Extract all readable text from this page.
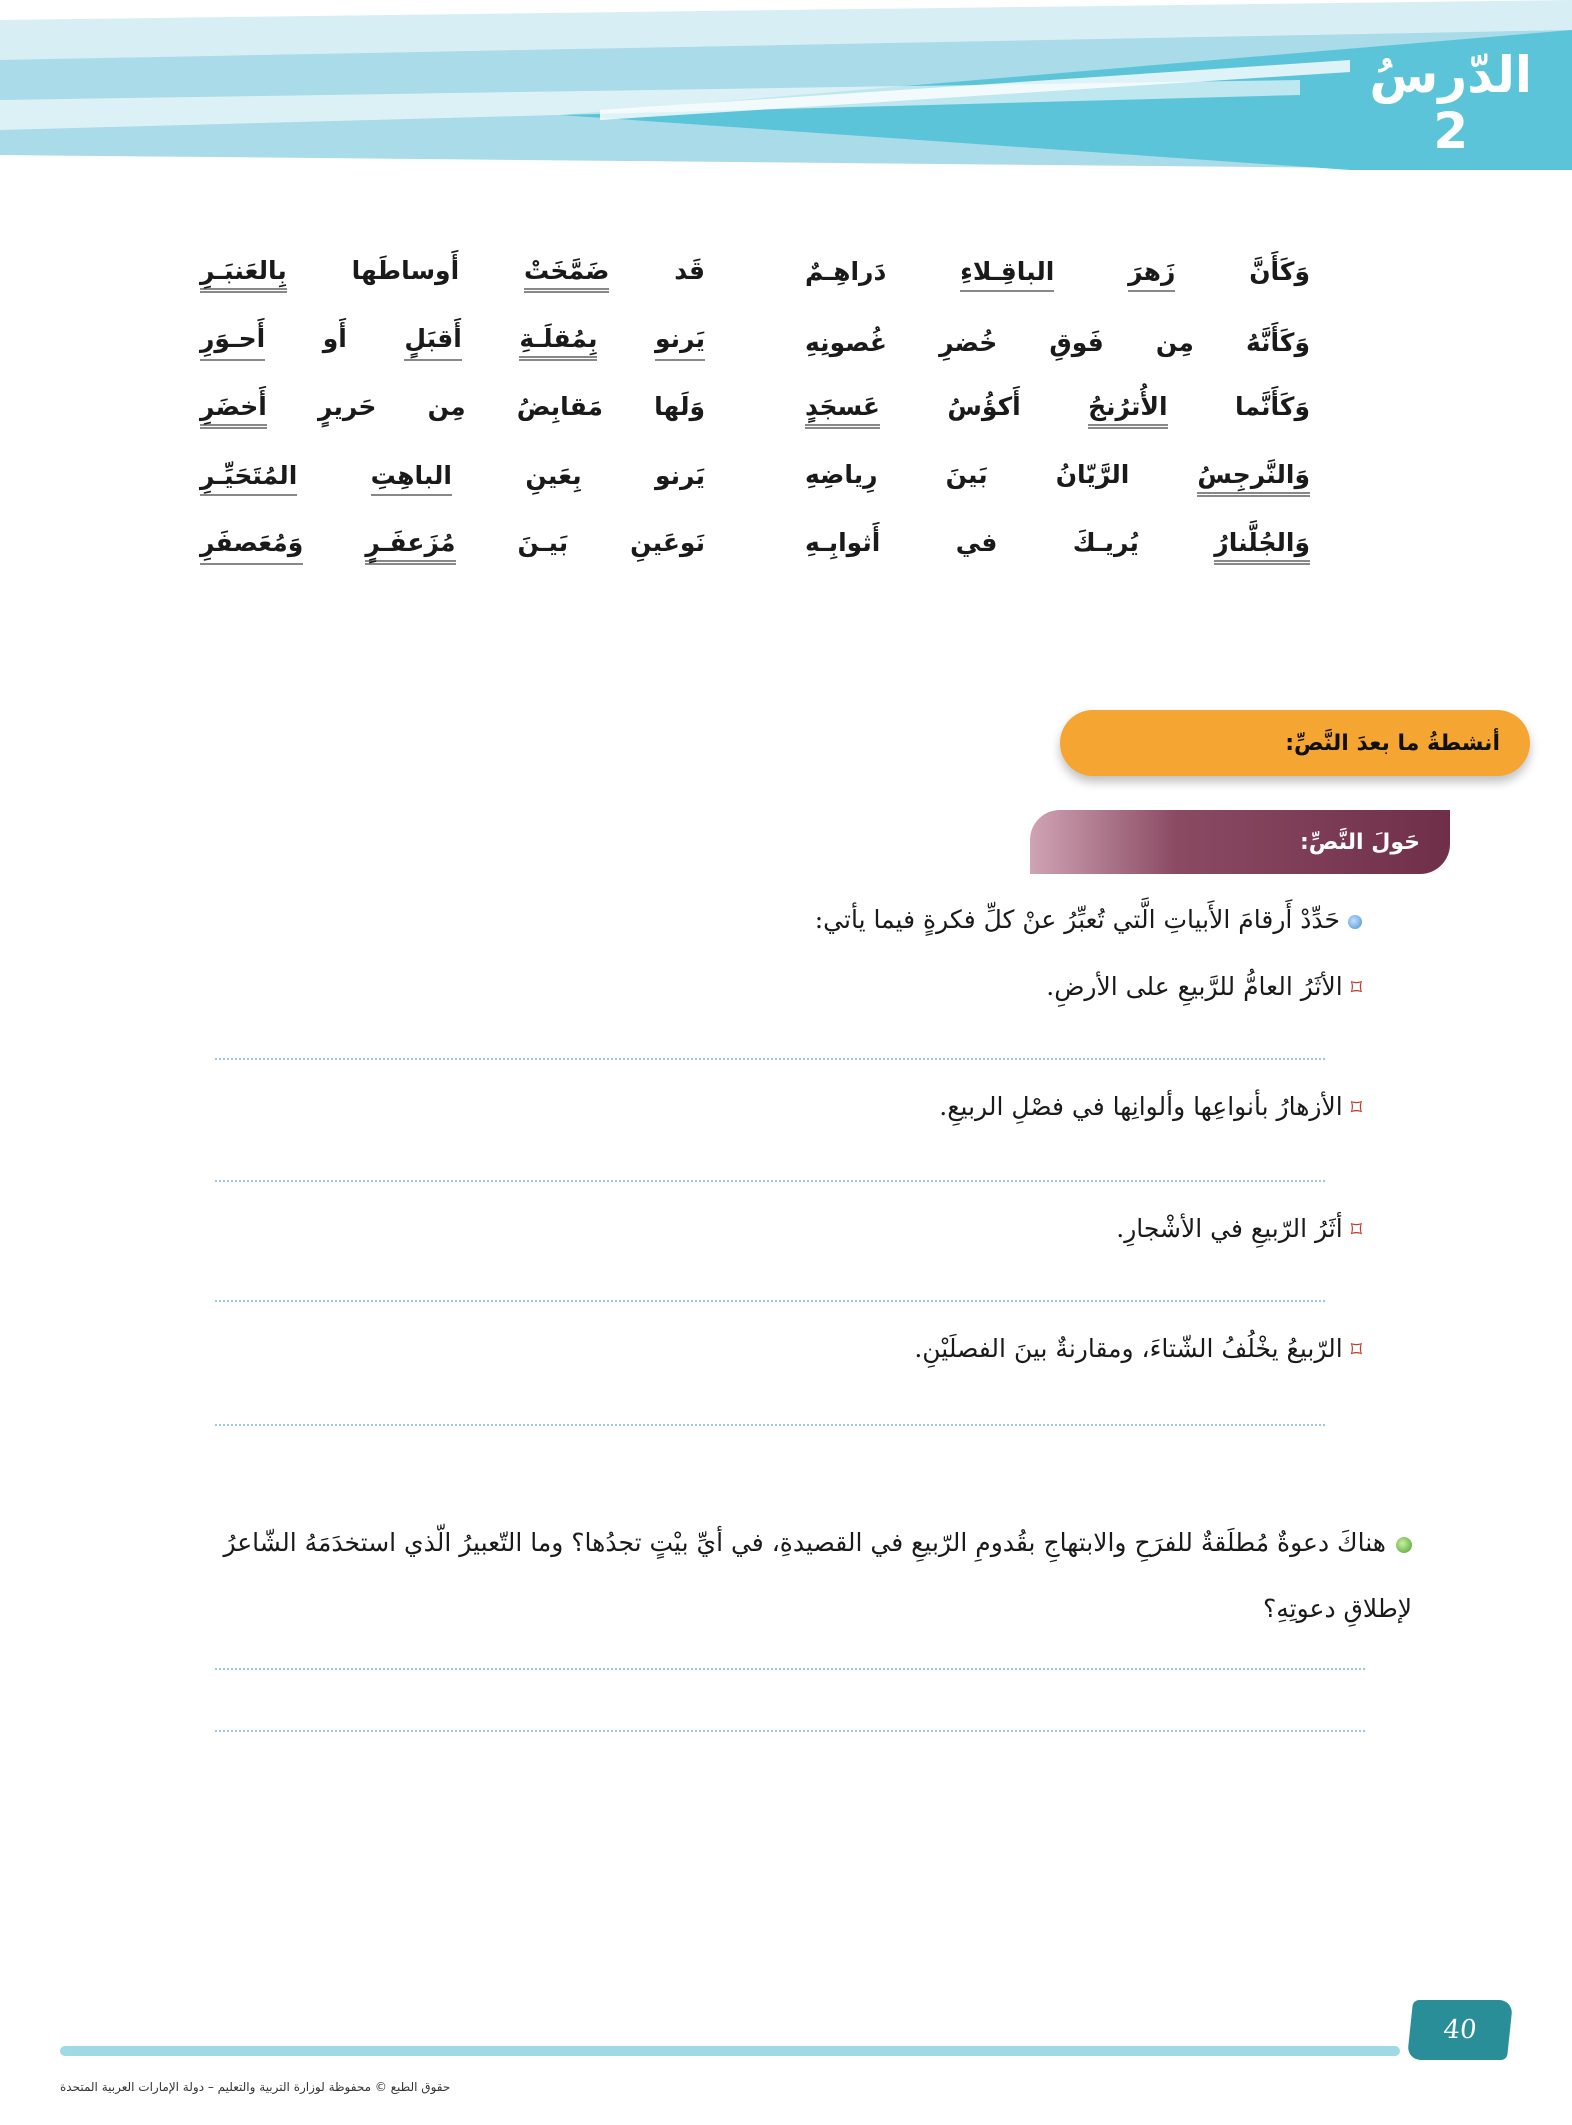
الدّرسُ
2
وَكَأَنَّ
زَهرَ
الباقِـلاءِ
دَراهِـمٌ
قَد
ضَمَّخَتْ
أَوساطَها
بِالعَنبَـرِ
وَكَأَنَّهُ
مِن
فَوقِ
خُضرِ
غُصونِهِ
يَرنو
بِمُقلَـةِ
أَقبَلٍ
أَو
أَحـوَرِ
وَكَأَنَّما
الأُترُنجُ
أَكؤُسُ
عَسجَدٍ
وَلَها
مَقابِضُ
مِن
حَريرٍ
أَخضَرِ
وَالنَّرجِسُ
الرَّيّانُ
بَينَ
رِياضِهِ
يَرنو
بِعَينِ
الباهِتِ
المُتَحَيِّـرِ
وَالجُلَّنارُ
يُريـكَ
في
أَثوابِـهِ
نَوعَينِ
بَيـنَ
مُزَعفَـرٍ
وَمُعَصفَرِ
أنشطةُ ما بعدَ النَّصِّ:
حَولَ النَّصِّ:
حَدِّدْ أَرقامَ الأَبياتِ الَّتي تُعبِّرُ عنْ كلِّ فكرةٍ فيما يأتي:
⌑الأثَرُ العامُّ للرَّبيعِ على الأرضِ.
⌑الأزهارُ بأنواعِها وألوانِها في فصْلِ الربيعِ.
⌑أثَرُ الرّبيعِ في الأشْجارِ.
⌑الرّبيعُ يخْلُفُ الشّتاءَ، ومقارنةٌ بينَ الفصلَيْنِ.
هناكَ دعوةٌ مُطلَقةٌ للفرَحِ والابتهاجِ بقُدومِ الرّبيعِ في القصيدةِ، في أيِّ بيْتٍ تجدُها؟ وما التّعبيرُ الّذي استخدَمَهُ الشّاعرُ لإطلاقِ دعوتِهِ؟
40
حقوق الطبع © محفوظة لوزارة التربية والتعليم – دولة الإمارات العربية المتحدة
